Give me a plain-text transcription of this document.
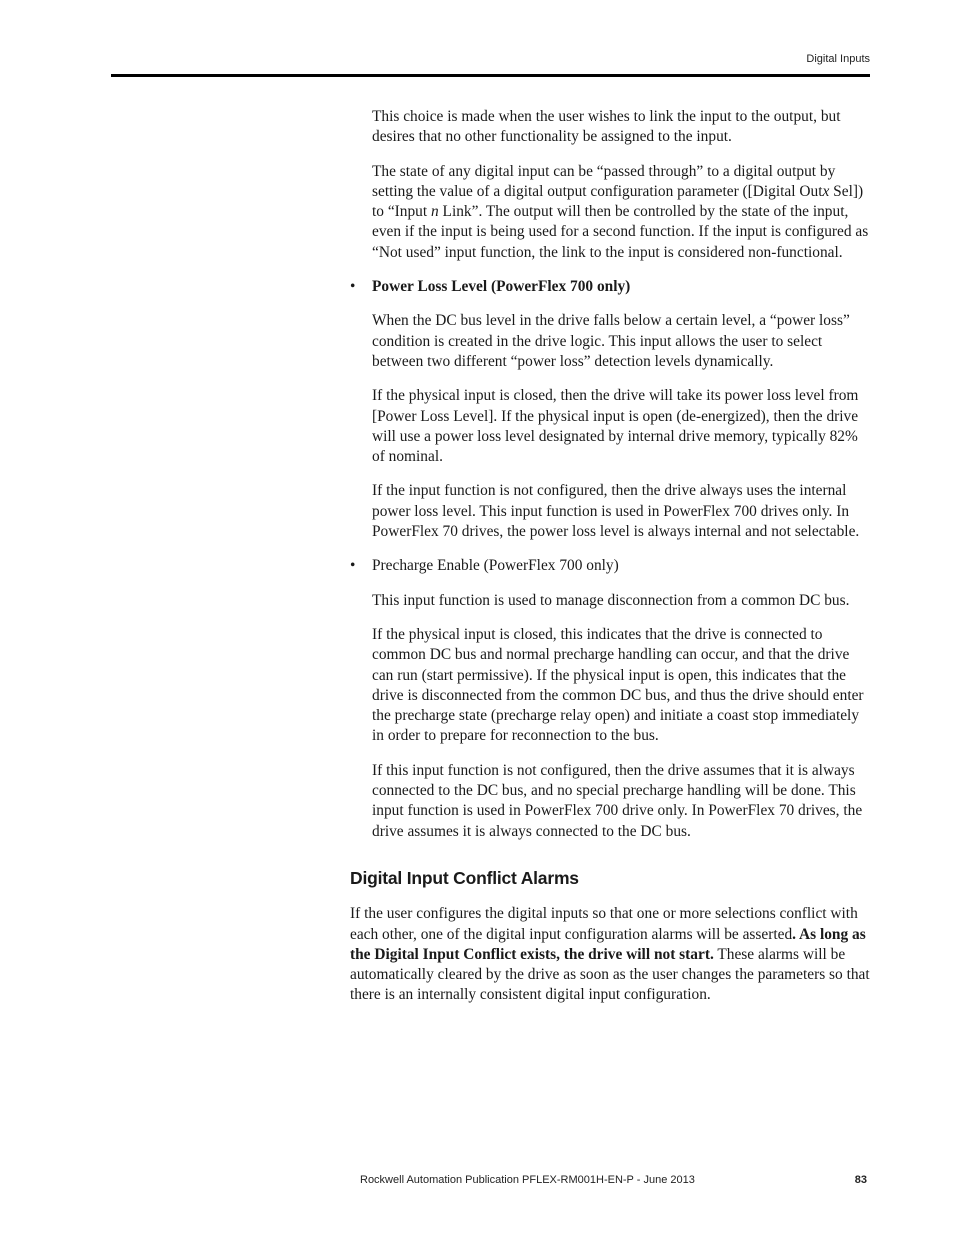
Digital Inputs

This choice is made when the user wishes to link the input to the output, but desires that no other functionality be assigned to the input.

The state of any digital input can be “passed through” to a digital output by setting the value of a digital output configuration parameter ([Digital Outx Sel]) to “Input n Link”. The output will then be controlled by the state of the input, even if the input is being used for a second function. If the input is configured as “Not used” input function, the link to the input is considered non-functional.

• Power Loss Level (PowerFlex 700 only)

When the DC bus level in the drive falls below a certain level, a “power loss” condition is created in the drive logic. This input allows the user to select between two different “power loss” detection levels dynamically.

If the physical input is closed, then the drive will take its power loss level from [Power Loss Level]. If the physical input is open (de-energized), then the drive will use a power loss level designated by internal drive memory, typically 82% of nominal.

If the input function is not configured, then the drive always uses the internal power loss level. This input function is used in PowerFlex 700 drives only. In PowerFlex 70 drives, the power loss level is always internal and not selectable.

• Precharge Enable (PowerFlex 700 only)

This input function is used to manage disconnection from a common DC bus.

If the physical input is closed, this indicates that the drive is connected to common DC bus and normal precharge handling can occur, and that the drive can run (start permissive). If the physical input is open, this indicates that the drive is disconnected from the common DC bus, and thus the drive should enter the precharge state (precharge relay open) and initiate a coast stop immediately in order to prepare for reconnection to the bus.

If this input function is not configured, then the drive assumes that it is always connected to the DC bus, and no special precharge handling will be done. This input function is used in PowerFlex 700 drive only. In PowerFlex 70 drives, the drive assumes it is always connected to the DC bus.

Digital Input Conflict Alarms

If the user configures the digital inputs so that one or more selections conflict with each other, one of the digital input configuration alarms will be asserted. As long as the Digital Input Conflict exists, the drive will not start. These alarms will be automatically cleared by the drive as soon as the user changes the parameters so that there is an internally consistent digital input configuration.

Rockwell Automation Publication PFLEX-RM001H-EN-P - June 2013	83
